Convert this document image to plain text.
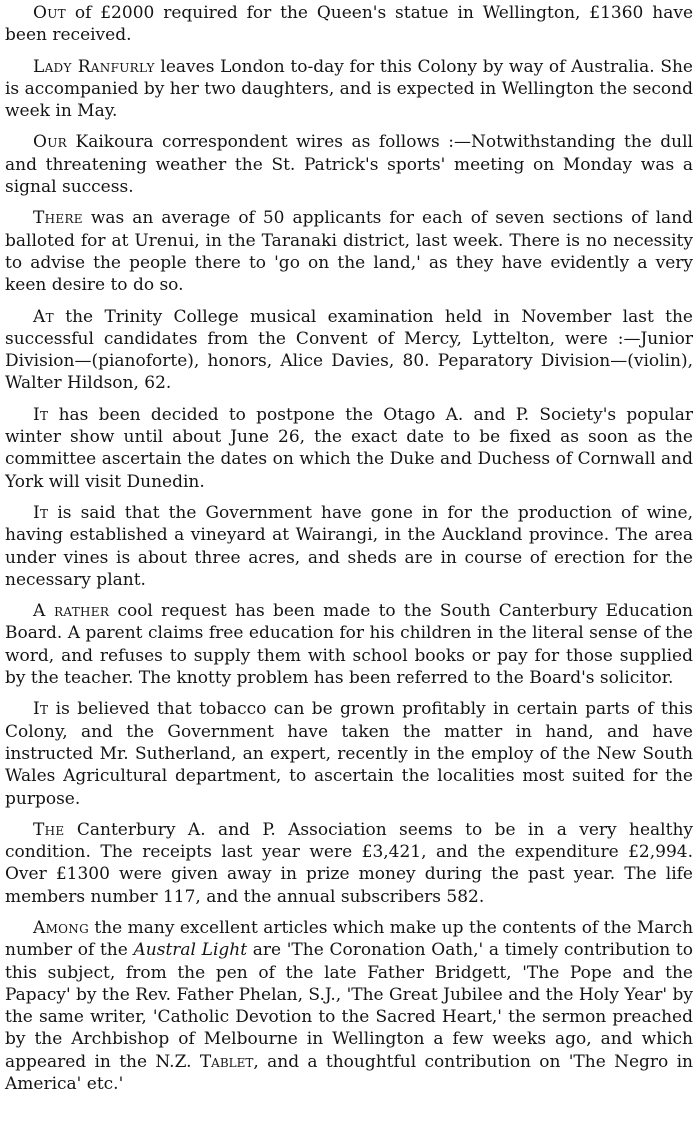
Out of £2000 required for the Queen's statue in Wellington, £1360 have been received.

Lady Ranfurly leaves London to-day for this Colony by way of Australia. She is accompanied by her two daughters, and is expected in Wellington the second week in May.

Our Kaikoura correspondent wires as follows :—Notwithstanding the dull and threatening weather the St. Patrick's sports' meeting on Monday was a signal success.

There was an average of 50 applicants for each of seven sections of land balloted for at Urenui, in the Taranaki district, last week. There is no necessity to advise the people there to 'go on the land,' as they have evidently a very keen desire to do so.

At the Trinity College musical examination held in November last the successful candidates from the Convent of Mercy, Lyttelton, were :—Junior Division—(pianoforte), honors, Alice Davies, 80. Peparatory Division—(violin), Walter Hildson, 62.

It has been decided to postpone the Otago A. and P. Society's popular winter show until about June 26, the exact date to be fixed as soon as the committee ascertain the dates on which the Duke and Duchess of Cornwall and York will visit Dunedin.

It is said that the Government have gone in for the production of wine, having established a vineyard at Wairangi, in the Auckland province. The area under vines is about three acres, and sheds are in course of erection for the necessary plant.

A rather cool request has been made to the South Canterbury Education Board. A parent claims free education for his children in the literal sense of the word, and refuses to supply them with school books or pay for those supplied by the teacher. The knotty problem has been referred to the Board's solicitor.

It is believed that tobacco can be grown profitably in certain parts of this Colony, and the Government have taken the matter in hand, and have instructed Mr. Sutherland, an expert, recently in the employ of the New South Wales Agricultural department, to ascertain the localities most suited for the purpose.

The Canterbury A. and P. Association seems to be in a very healthy condition. The receipts last year were £3,421, and the expenditure £2,994. Over £1300 were given away in prize money during the past year. The life members number 117, and the annual subscribers 582.

Among the many excellent articles which make up the contents of the March number of the Austral Light are 'The Coronation Oath,' a timely contribution to this subject, from the pen of the late Father Bridgett, 'The Pope and the Papacy' by the Rev. Father Phelan, S.J., 'The Great Jubilee and the Holy Year' by the same writer, 'Catholic Devotion to the Sacred Heart,' the sermon preached by the Archbishop of Melbourne in Wellington a few weeks ago, and which appeared in the N.Z. Tablet, and a thoughtful contribution on 'The Negro in America' etc.'
